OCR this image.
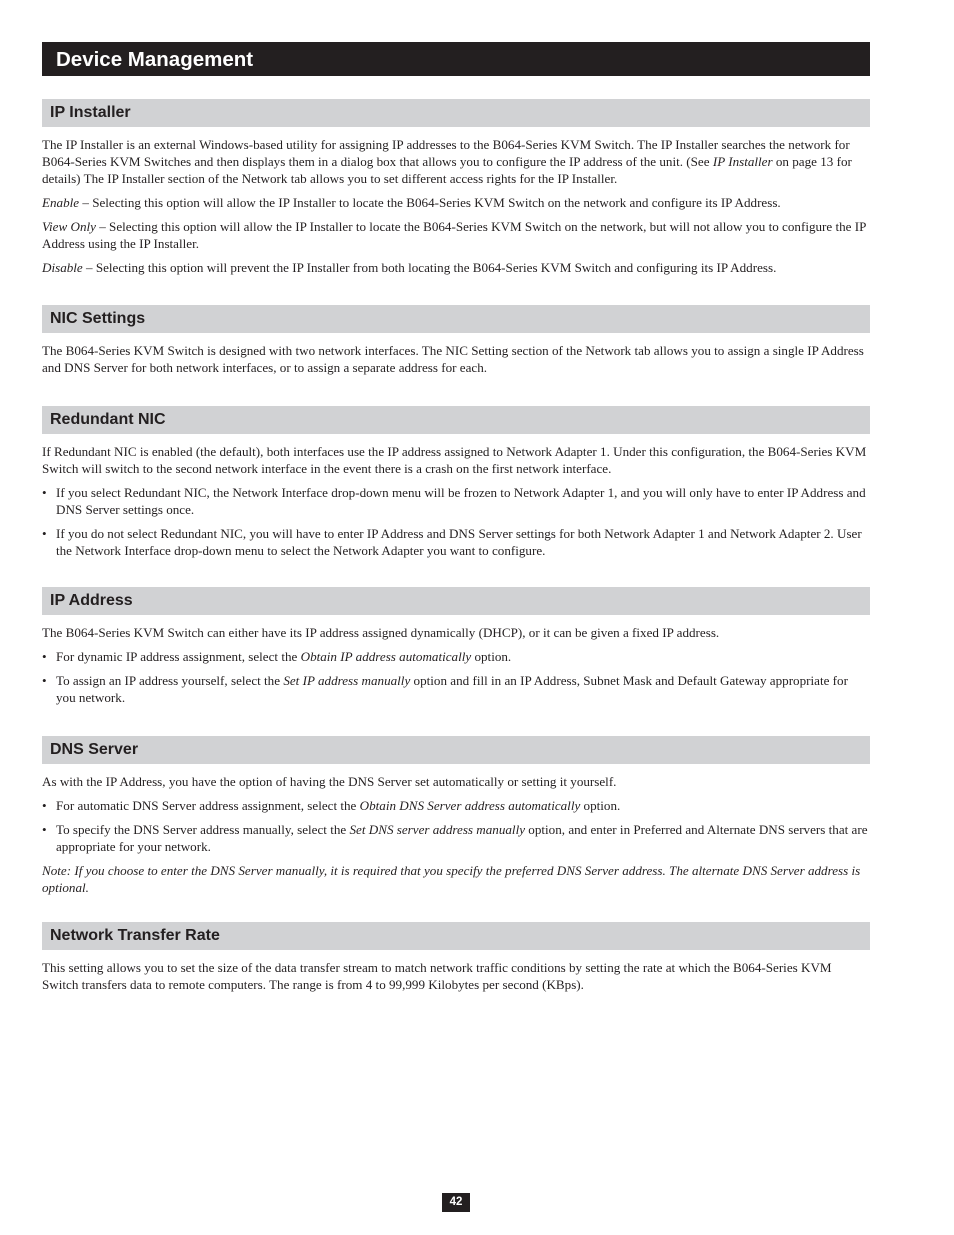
Device Management
IP Installer

The IP Installer is an external Windows-based utility for assigning IP addresses to the B064-Series KVM Switch. The IP Installer searches the network for B064-Series KVM Switches and then displays them in a dialog box that allows you to configure the IP address of the unit. (See IP Installer on page 13 for details) The IP Installer section of the Network tab allows you to set different access rights for the IP Installer.

Enable – Selecting this option will allow the IP Installer to locate the B064-Series KVM Switch on the network and configure its IP Address.

View Only – Selecting this option will allow the IP Installer to locate the B064-Series KVM Switch on the network, but will not allow you to configure the IP Address using the IP Installer.

Disable – Selecting this option will prevent the IP Installer from both locating the B064-Series KVM Switch and configuring its IP Address.

NIC Settings

The B064-Series KVM Switch is designed with two network interfaces. The NIC Setting section of the Network tab allows you to assign a single IP Address and DNS Server for both network interfaces, or to assign a separate address for each.

Redundant NIC

If Redundant NIC is enabled (the default), both interfaces use the IP address assigned to Network Adapter 1. Under this configuration, the B064-Series KVM Switch will switch to the second network interface in the event there is a crash on the first network interface.

• If you select Redundant NIC, the Network Interface drop-down menu will be frozen to Network Adapter 1, and you will only have to enter IP Address and DNS Server settings once.

• If you do not select Redundant NIC, you will have to enter IP Address and DNS Server settings for both Network Adapter 1 and Network Adapter 2. User the Network Interface drop-down menu to select the Network Adapter you want to configure.

IP Address

The B064-Series KVM Switch can either have its IP address assigned dynamically (DHCP), or it can be given a fixed IP address.

• For dynamic IP address assignment, select the Obtain IP address automatically option.

• To assign an IP address yourself, select the Set IP address manually option and fill in an IP Address, Subnet Mask and Default Gateway appropriate for you network.

DNS Server

As with the IP Address, you have the option of having the DNS Server set automatically or setting it yourself.

• For automatic DNS Server address assignment, select the Obtain DNS Server address automatically option.

• To specify the DNS Server address manually, select the Set DNS server address manually option, and enter in Preferred and Alternate DNS servers that are appropriate for your network.

Note: If you choose to enter the DNS Server manually, it is required that you specify the preferred DNS Server address. The alternate DNS Server address is optional.

Network Transfer Rate

This setting allows you to set the size of the data transfer stream to match network traffic conditions by setting the rate at which the B064-Series KVM Switch transfers data to remote computers. The range is from 4 to 99,999 Kilobytes per second (KBps).

42
